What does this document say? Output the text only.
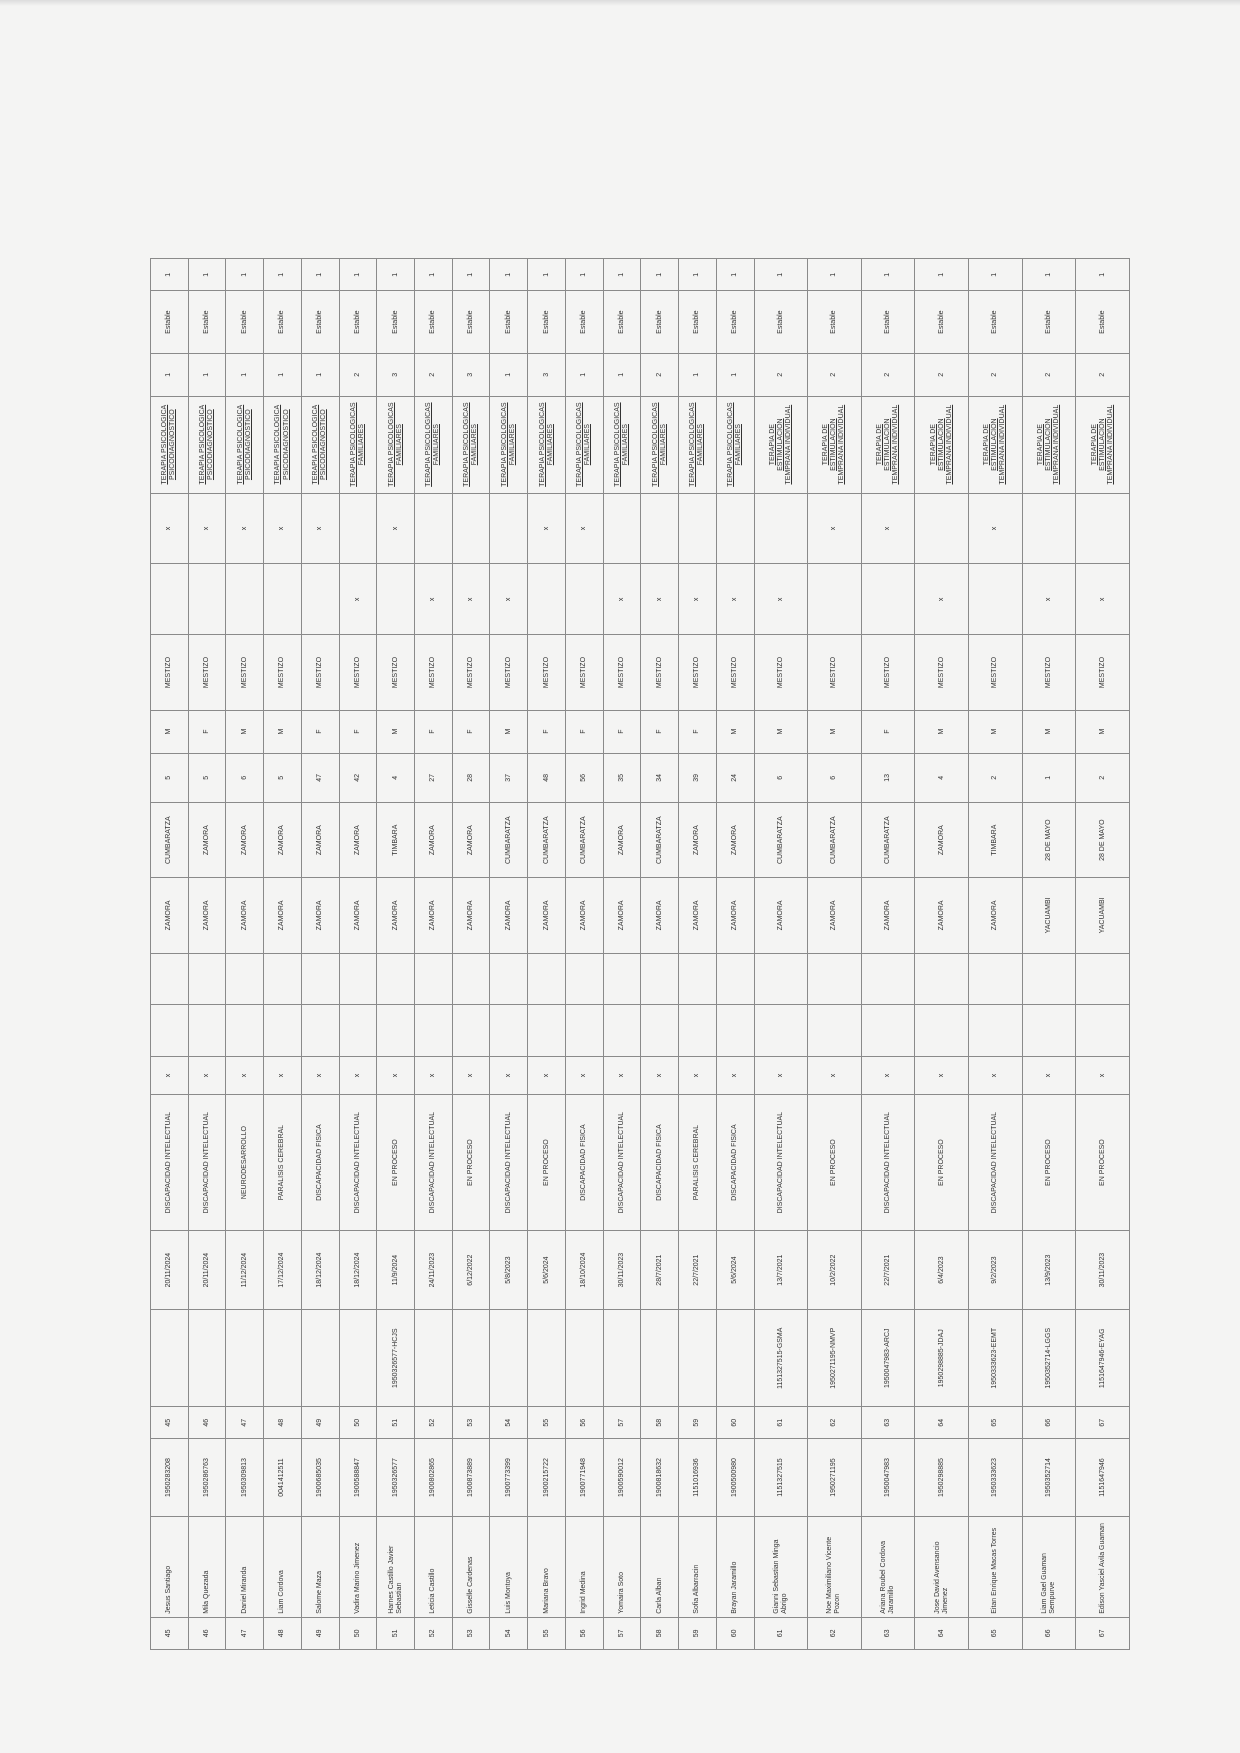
45	Jesus Santiago	1950283208	45		20/11/2024	DISCAPACIDAD INTELECTUAL	x			ZAMORA	CUMBARATZA	5	M	MESTIZO		x	TERAPIA PSICOLOGICA PSICODIAGNOSTICO	1	Estable	1
46	Mila Quezada	1950286763	46		20/11/2024	DISCAPACIDAD INTELECTUAL	x			ZAMORA	ZAMORA	5	F	MESTIZO		x	TERAPIA PSICOLOGICA PSICODIAGNOSTICO	1	Estable	1
47	Daniel Miranda	1950309813	47		11/12/2024	NEURODESARROLLO	x			ZAMORA	ZAMORA	6	M	MESTIZO		x	TERAPIA PSICOLOGICA PSICODIAGNOSTICO	1	Estable	1
48	Liam Cordova	0041412511	48		17/12/2024	PARALISIS CEREBRAL	x			ZAMORA	ZAMORA	5	M	MESTIZO		x	TERAPIA PSICOLOGICA PSICODIAGNOSTICO	1	Estable	1
49	Salome Maza	1900685035	49		18/12/2024	DISCAPACIDAD FISICA	x			ZAMORA	ZAMORA	47	F	MESTIZO		x	TERAPIA PSICOLOGICA PSICODIAGNOSTICO	1	Estable	1
50	Vadira Marino Jimenez	1900588847	50		18/12/2024	DISCAPACIDAD INTELECTUAL	x			ZAMORA	ZAMORA	42	F	MESTIZO	x		TERAPIA PSICOLOGICAS FAMILIARES	2	Estable	1
51	Harnes Castillo Javier Sebastian	1950326577	51	1950326577-HCJS	11/9/2024	EN PROCESO	x			ZAMORA	TIMBARA	4	M	MESTIZO		x	TERAPIA PSICOLOGICAS FAMILIARES	3	Estable	1
52	Leticia Castillo	1900802865	52		24/11/2023	DISCAPACIDAD INTELECTUAL	x			ZAMORA	ZAMORA	27	F	MESTIZO	x		TERAPIA PSICOLOGICAS FAMILIARES	2	Estable	1
53	Gisselle Cardenas	1900873889	53		6/12/2022	EN PROCESO	x			ZAMORA	ZAMORA	28	F	MESTIZO	x		TERAPIA PSICOLOGICAS FAMILIARES	3	Estable	1
54	Luis Montoya	1900773399	54		5/8/2023	DISCAPACIDAD INTELECTUAL	x			ZAMORA	CUMBARATZA	37	M	MESTIZO	x		TERAPIA PSICOLOGICAS FAMILIARES	1	Estable	1
55	Mariana Bravo	1900215722	55		5/6/2024	EN PROCESO	x			ZAMORA	CUMBARATZA	48	F	MESTIZO		x	TERAPIA PSICOLOGICAS FAMILIARES	3	Estable	1
56	Ingrid Medina	1900771948	56		18/10/2024	DISCAPACIDAD FISICA	x			ZAMORA	CUMBARATZA	56	F	MESTIZO		x	TERAPIA PSICOLOGICAS FAMILIARES	1	Estable	1
57	Yomaira Soto	1900590012	57		30/11/2023	DISCAPACIDAD INTELECTUAL	x			ZAMORA	ZAMORA	35	F	MESTIZO	x		TERAPIA PSICOLOGICAS FAMILIARES	1	Estable	1
58	Carla Alban	1900818632	58		28/7/2021	DISCAPACIDAD FISICA	x			ZAMORA	CUMBARATZA	34	F	MESTIZO	x		TERAPIA PSICOLOGICAS FAMILIARES	2	Estable	1
59	Sofia Albarracin	1151016936	59		22/7/2021	PARALISIS CEREBRAL	x			ZAMORA	ZAMORA	39	F	MESTIZO	x		TERAPIA PSICOLOGICAS FAMILIARES	1	Estable	1
60	Brayan Jaramillo	1900500980	60		5/6/2024	DISCAPACIDAD FISICA	x			ZAMORA	ZAMORA	24	M	MESTIZO	x		TERAPIA PSICOLOGICAS FAMILIARES	1	Estable	1
61	Gianni Sebastian Minga Abrigo	1151327515	61	1151327515-GSMA	13/7/2021	DISCAPACIDAD INTELECTUAL	x			ZAMORA	CUMBARATZA	6	M	MESTIZO	x		TERAPIA DE ESTIMULACION TEMPRANA INDIVIDUAL	2	Estable	1
62	Noe Maximiliano Vicente Pozon	1950271195	62	1950271195-NMVP	10/2/2022	EN PROCESO	x			ZAMORA	CUMBARATZA	6	M	MESTIZO		x	TERAPIA DE ESTIMULACION TEMPRANA INDIVIDUAL	2	Estable	1
63	Ariana Roubel Cordova Jaramillo	1950047983	63	1950047983-ARCJ	22/7/2021	DISCAPACIDAD INTELECTUAL	x			ZAMORA	CUMBARATZA	13	F	MESTIZO		x	TERAPIA DE ESTIMULACION TEMPRANA INDIVIDUAL	2	Estable	1
64	Jose David Avensancio Jimenez	1950298885	64	1950298885-JDAJ	6/4/2023	EN PROCESO	x			ZAMORA	ZAMORA	4	M	MESTIZO	x		TERAPIA DE ESTIMULACION TEMPRANA INDIVIDUAL	2	Estable	1
65	Eitan Enrique Macas Torres	1950333623	65	1950333623-EEMT	9/2/2023	DISCAPACIDAD INTELECTUAL	x			ZAMORA	TIMBARA	2	M	MESTIZO		x	TERAPIA DE ESTIMULACION TEMPRANA INDIVIDUAL	2	Estable	1
66	Liam Gael Guaman Sempurve	1950352714	66	1950352714-LGGS	13/9/2023	EN PROCESO	x			YACUAMBI	28 DE MAYO	1	M	MESTIZO	x		TERAPIA DE ESTIMULACION TEMPRANA INDIVIDUAL	2	Estable	1
67	Edison Yasciel Avila Guaman	1151647946	67	1151647946-EYAG	30/11/2023	EN PROCESO	x			YACUAMBI	28 DE MAYO	2	M	MESTIZO	x		TERAPIA DE ESTIMULACION TEMPRANA INDIVIDUAL	2	Estable	1
